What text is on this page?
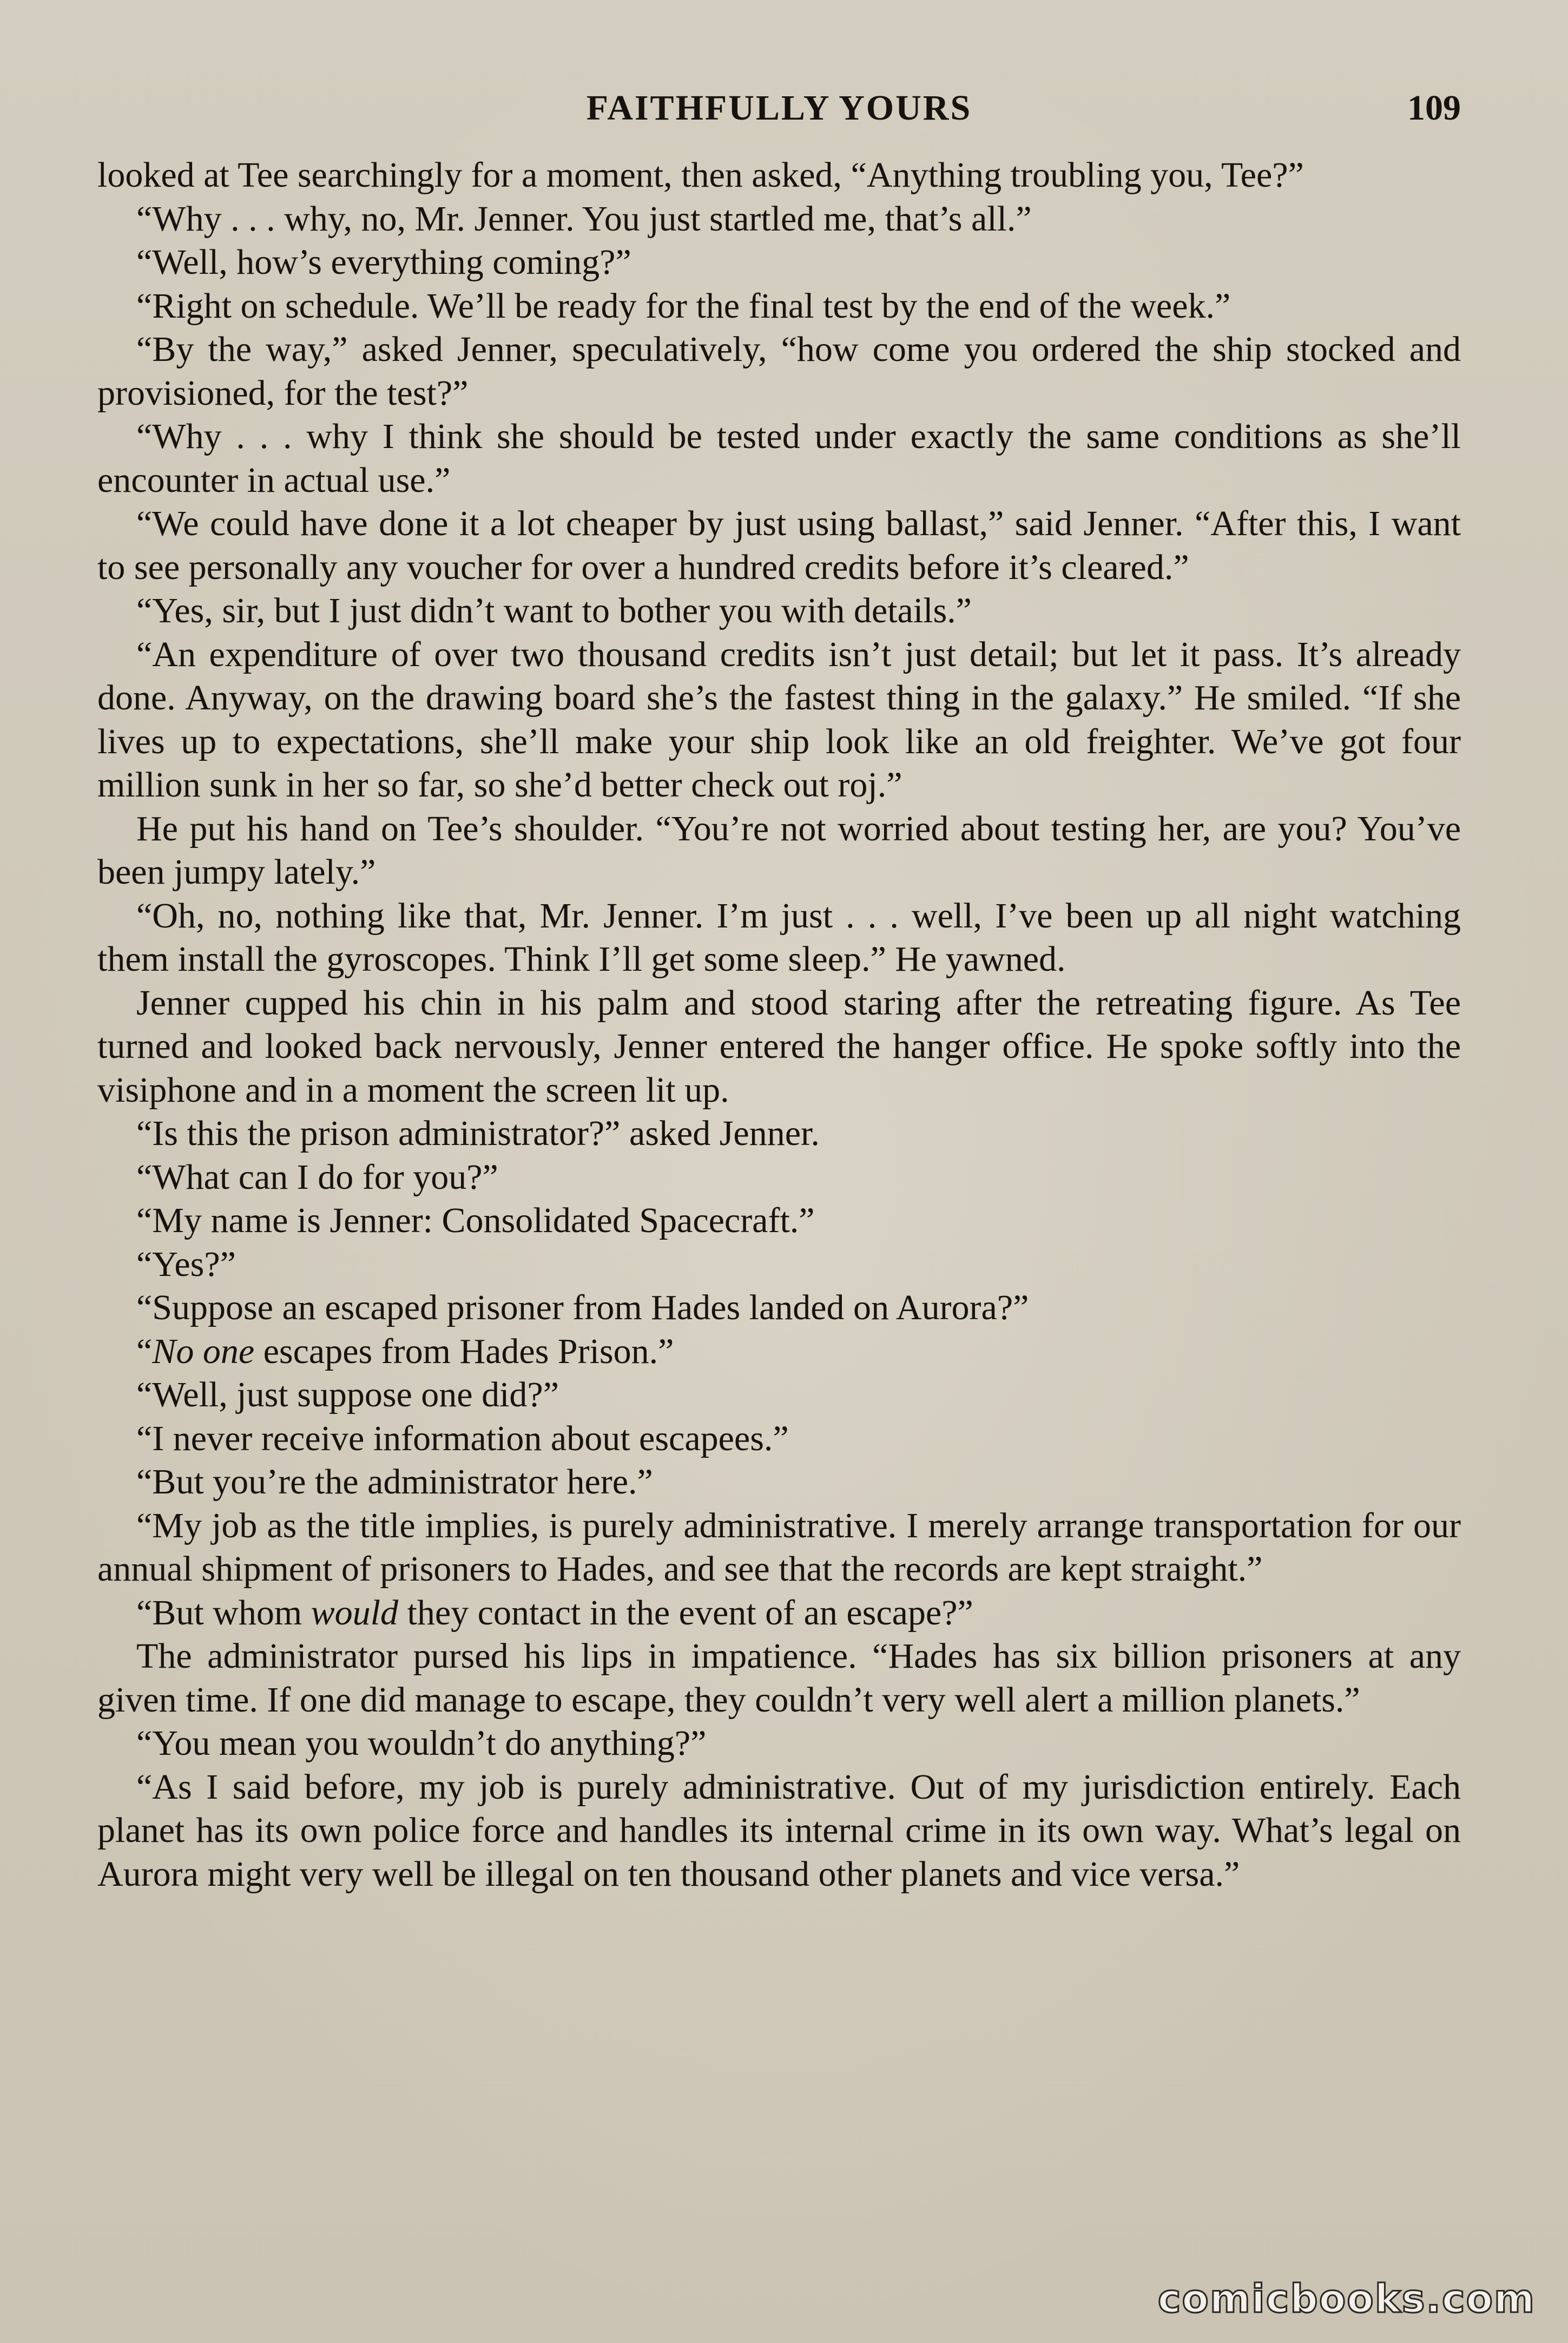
FAITHFULLY YOURS	109

looked at Tee searchingly for a moment, then asked, “Anything troubling you, Tee?”

“Why . . . why, no, Mr. Jenner. You just startled me, that’s all.”

“Well, how’s everything coming?”

“Right on schedule. We’ll be ready for the final test by the end of the week.”

“By the way,” asked Jenner, speculatively, “how come you ordered the ship stocked and provisioned, for the test?”

“Why . . . why I think she should be tested under exactly the same conditions as she’ll encounter in actual use.”

“We could have done it a lot cheaper by just using ballast,” said Jenner. “After this, I want to see personally any voucher for over a hundred credits before it’s cleared.”

“Yes, sir, but I just didn’t want to bother you with details.”

“An expenditure of over two thousand credits isn’t just detail; but let it pass. It’s already done. Anyway, on the drawing board she’s the fastest thing in the galaxy.” He smiled. “If she lives up to expectations, she’ll make your ship look like an old freighter. We’ve got four million sunk in her so far, so she’d better check out roj.”

He put his hand on Tee’s shoulder. “You’re not worried about testing her, are you? You’ve been jumpy lately.”

“Oh, no, nothing like that, Mr. Jenner. I’m just . . . well, I’ve been up all night watching them install the gyroscopes. Think I’ll get some sleep.” He yawned.

Jenner cupped his chin in his palm and stood staring after the retreating figure. As Tee turned and looked back nervously, Jenner entered the hanger office. He spoke softly into the visiphone and in a moment the screen lit up.

“Is this the prison administrator?” asked Jenner.

“What can I do for you?”

“My name is Jenner: Consolidated Spacecraft.”

“Yes?”

“Suppose an escaped prisoner from Hades landed on Aurora?”

“No one escapes from Hades Prison.”

“Well, just suppose one did?”

“I never receive information about escapees.”

“But you’re the administrator here.”

“My job as the title implies, is purely administrative. I merely arrange transportation for our annual shipment of prisoners to Hades, and see that the records are kept straight.”

“But whom would they contact in the event of an escape?”

The administrator pursed his lips in impatience. “Hades has six billion prisoners at any given time. If one did manage to escape, they couldn’t very well alert a million planets.”

“You mean you wouldn’t do anything?”

“As I said before, my job is purely administrative. Out of my jurisdiction entirely. Each planet has its own police force and handles its internal crime in its own way. What’s legal on Aurora might very well be illegal on ten thousand other planets and vice versa.”

comicbooks.com
